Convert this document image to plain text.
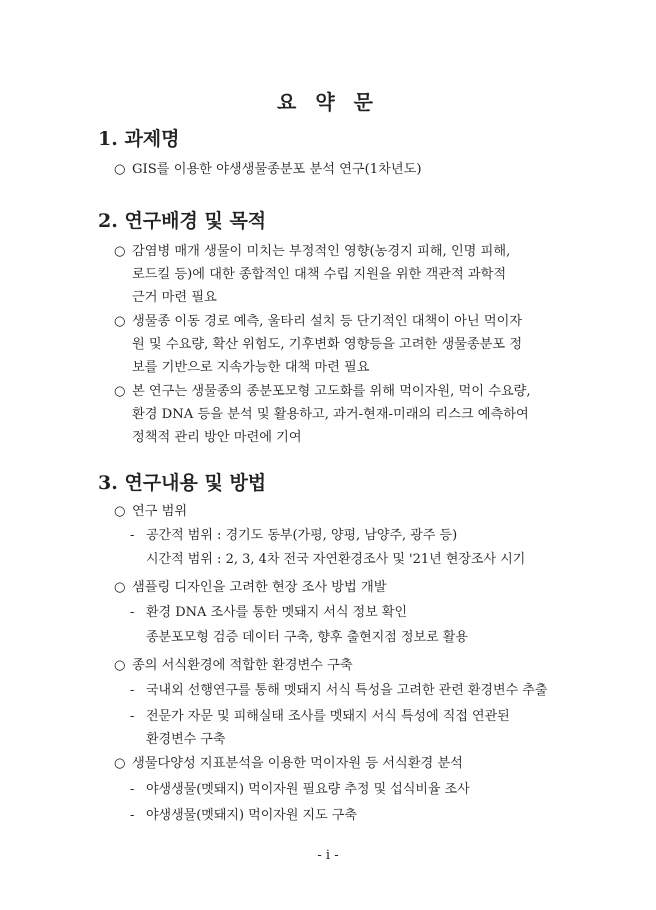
요 약 문
1. 과제명
○ GIS를 이용한 야생생물종분포 분석 연구(1차년도)
2. 연구배경 및 목적
○ 감염병 매개 생물이 미치는 부정적인 영향(농경지 피해, 인명 피해,
로드킬 등)에 대한 종합적인 대책 수립 지원을 위한 객관적 과학적
근거 마련 필요
○ 생물종 이동 경로 예측, 울타리 설치 등 단기적인 대책이 아닌 먹이자
원 및 수요량, 확산 위험도, 기후변화 영향등을 고려한 생물종분포 정
보를 기반으로 지속가능한 대책 마련 필요
○ 본 연구는 생물종의 종분포모형 고도화를 위해 먹이자원, 먹이 수요량,
환경 DNA 등을 분석 및 활용하고, 과거-현재-미래의 리스크 예측하여
정책적 관리 방안 마련에 기여
3. 연구내용 및 방법
○ 연구 범위
- 공간적 범위 : 경기도 동부(가평, 양평, 남양주, 광주 등)
시간적 범위 : 2, 3, 4차 전국 자연환경조사 및 '21년 현장조사 시기
○ 샘플링 디자인을 고려한 현장 조사 방법 개발
- 환경 DNA 조사를 통한 멧돼지 서식 정보 확인
종분포모형 검증 데이터 구축, 향후 출현지점 정보로 활용
○ 종의 서식환경에 적합한 환경변수 구축
- 국내외 선행연구를 통해 멧돼지 서식 특성을 고려한 관련 환경변수 추출
- 전문가 자문 및 피해실태 조사를 멧돼지 서식 특성에 직접 연관된
환경변수 구축
○ 생물다양성 지표분석을 이용한 먹이자원 등 서식환경 분석
- 야생생물(멧돼지) 먹이자원 필요량 추정 및 섭식비율 조사
- 야생생물(멧돼지) 먹이자원 지도 구축
- i -
